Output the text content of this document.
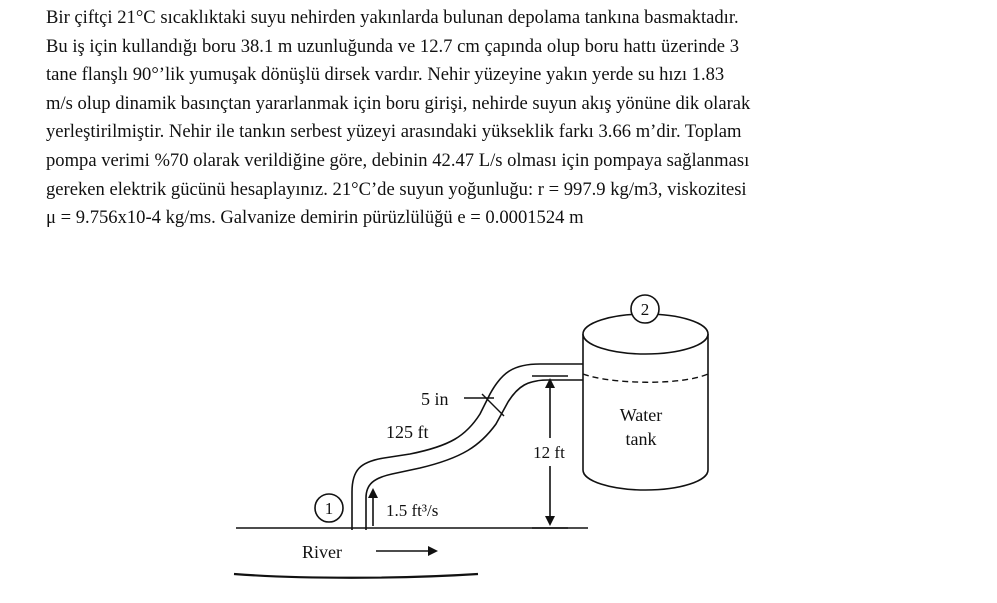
Bir çiftçi 21°C sıcaklıktaki suyu nehirden yakınlarda bulunan depolama tankına basmaktadır.
Bu iş için kullandığı boru 38.1 m uzunluğunda ve 12.7 cm çapında olup boru hattı üzerinde 3
tane flanşlı 90°’lik yumuşak dönüşlü dirsek vardır. Nehir yüzeyine yakın yerde su hızı 1.83
m/s olup dinamik basınçtan yararlanmak için boru girişi, nehirde suyun akış yönüne dik olarak
yerleştirilmiştir. Nehir ile tankın serbest yüzeyi arasındaki yükseklik farkı 3.66 m’dir. Toplam
pompa verimi %70 olarak verildiğine göre, debinin 42.47 L/s olması için pompaya sağlanması
gereken elektrik gücünü hesaplayınız. 21°C’de suyun yoğunluğu: r = 997.9 kg/m3, viskozitesi
μ = 9.756x10-4 kg/ms. Galvanize demirin pürüzlülüğü e = 0.0001524 m
2
Water
tank
12 ft
5 in
125 ft
1	1.5 ft³/s
River
